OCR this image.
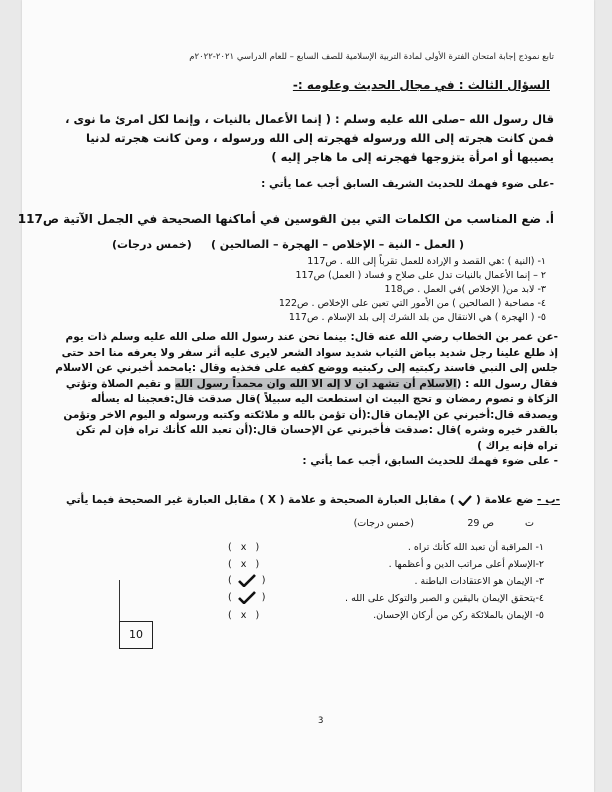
تابع نموذج إجابة امتحان الفترة الأولى لمادة التربية الإسلامية للصف السابع – للعام الدراسي ٢٠٢١-٢٠٢٢م
السؤال الثالث : في مجال الحديث وعلومه :-
قال رسول الله –صلى الله عليه وسلم : ( إنما الأعمال بالنيات ، وإنما لكل امرئ ما نوى ، فمن كانت هجرته إلى الله ورسوله فهجرته إلى الله ورسوله ، ومن كانت هجرته لدنيا يصيبها أو امرأة يتزوجها فهجرته إلى ما هاجر إليه )
-على ضوء فهمك للحديث الشريف السابق أجب عما يأتي :
أ. ضع المناسب من الكلمات التي بين القوسين في أماكنها الصحيحة في الجمل الآتية ص117
( العمل - النية – الإخلاص – الهجرة – الصالحين )     (خمس درجات)
١- (النية ) :هي القصد و الإرادة للعمل تقرباً إلى الله . ص117
٢ – إنما الأعمال بالنيات تدل على صلاح و فساد ( العمل) ص117
٣- لابد من( الإخلاص )في العمل . ص118
٤- مصاحبة ( الصالحين ) من الأمور التي تعين على الإخلاص . ص122
٥- ( الهجرة ) هي الانتقال من بلد الشرك إلى بلد الإسلام . ص117
-عن عمر بن الخطاب رضي الله عنه قال: بينما نحن عند رسول الله صلى الله عليه وسلم ذات يوم إذ طلع علينا رجل شديد بياض الثياب شديد سواد الشعر لايرى عليه أثر سفر ولا يعرفه منا احد حتى جلس إلى النبي فاسند ركبتيه إلى ركبتيه ووضع كفيه على فخذيه وقال :يامحمد أخبرني عن الاسلام فقال رسول الله : (الاسلام أن تشهد ان لا إله الا الله وان محمداً رسول الله و تقيم الصلاة وتؤتي الزكاة و تصوم رمضان و تحج البيت ان استطعت اليه سبيلاً )قال صدقت قال:فعجبنا له يسأله ويصدقه قال:أخبرني عن الإيمان قال:(أن تؤمن بالله و ملائكته وكتبه ورسوله و اليوم الاخر وتؤمن بالقدر خيره وشره )قال :صدقت فأخبرني عن الإحسان قال:(أن تعبد الله كأنك تراه فإن لم تكن تراه فإنه يراك )
- على ضوء فهمك للحديث السابق، أجب عما يأتي :
-ب - ضع علامة (  ) مقابل العبارة الصحيحة و علامة ( X ) مقابل العبارة غير الصحيحة فيما يأتي
ت
ص 29
(خمس درجات)
١- المراقبة أن تعبد الله كأنك تراه .
٢-الإسلام أعلى مراتب الدين و أعظمها .
٣- الإيمان هو الاعتقادات الباطنة .
٤-يتحقق الإيمان باليقين و الصبر والتوكل على الله .
٥- الإيمان بالملائكة ركن من أركان الإحسان.
(   x   )
(   x   )
(    )
(    )
(   x   )
10
3
